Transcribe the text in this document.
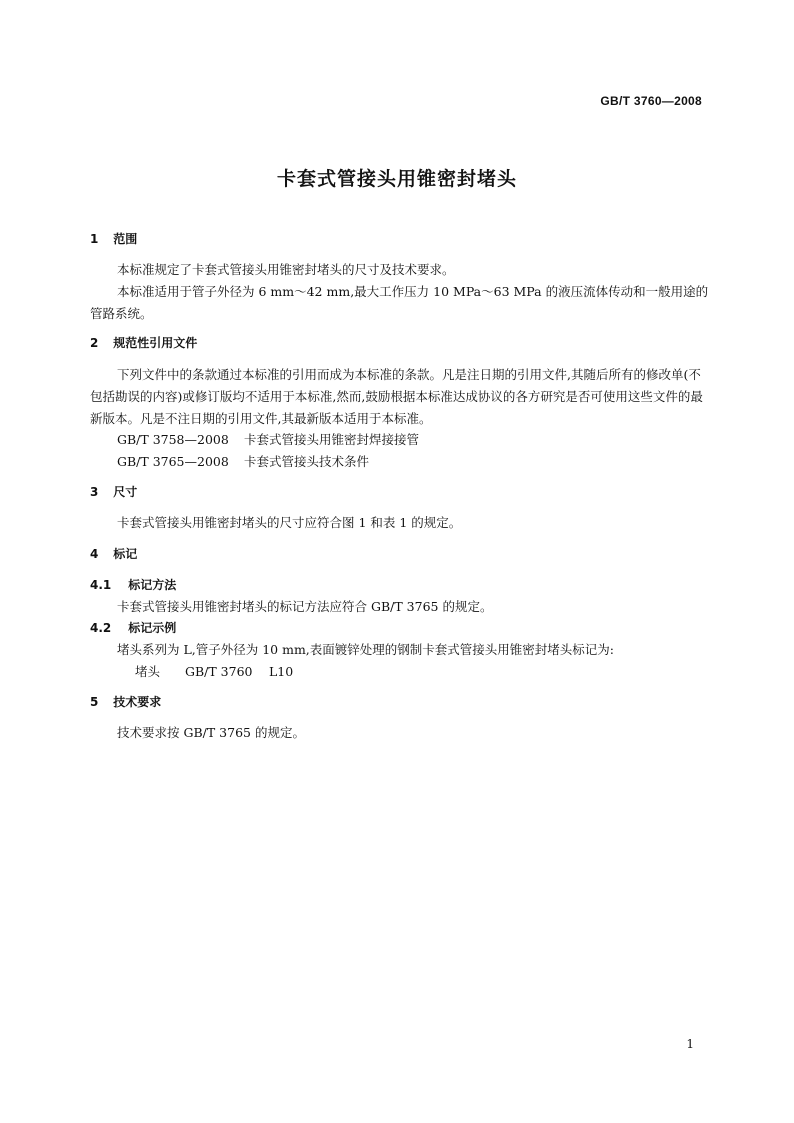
GB/T 3760—2008
卡套式管接头用锥密封堵头
1 范围
本标准规定了卡套式管接头用锥密封堵头的尺寸及技术要求。
本标准适用于管子外径为 6 mm～42 mm,最大工作压力 10 MPa～63 MPa 的液压流体传动和一般用途的管路系统。
2 规范性引用文件
下列文件中的条款通过本标准的引用而成为本标准的条款。凡是注日期的引用文件,其随后所有的修改单(不包括勘误的内容)或修订版均不适用于本标准,然而,鼓励根据本标准达成协议的各方研究是否可使用这些文件的最新版本。凡是不注日期的引用文件,其最新版本适用于本标准。
GB/T 3758—2008 卡套式管接头用锥密封焊接接管
GB/T 3765—2008 卡套式管接头技术条件
3 尺寸
卡套式管接头用锥密封堵头的尺寸应符合图 1 和表 1 的规定。
4 标记
4.1 标记方法
卡套式管接头用锥密封堵头的标记方法应符合 GB/T 3765 的规定。
4.2 标记示例
堵头系列为 L,管子外径为 10 mm,表面镀锌处理的钢制卡套式管接头用锥密封堵头标记为:
堵头 GB/T 3760 L10
5 技术要求
技术要求按 GB/T 3765 的规定。
1
